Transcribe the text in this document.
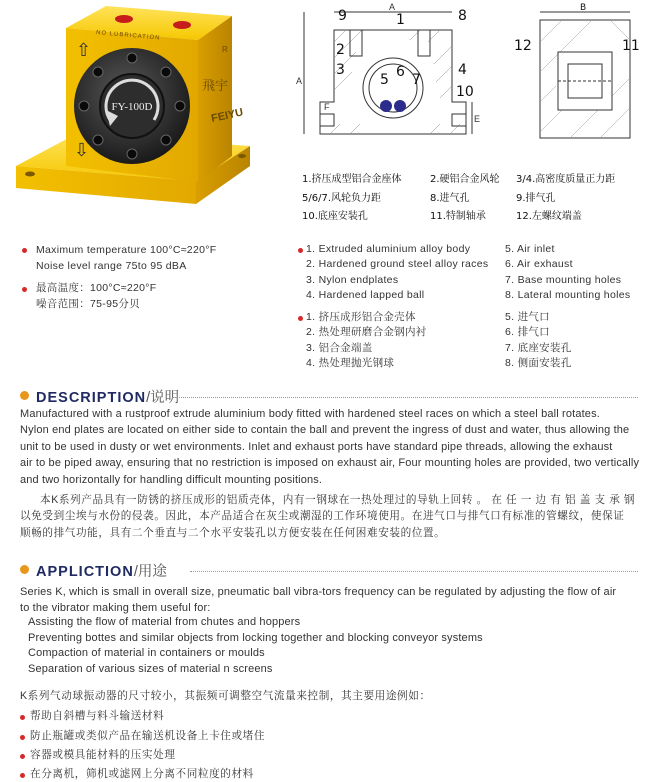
FY-100D
⇧
⇩
飛宇
FEIYU
R
NO LUBRICATION
9	1	8
2
6
3
5 7
4
10
A
A
F
E
B
12	11
1.挤压成型铝合金座体	2.硬铝合金风轮 3/4.高密度质量正力距
5/6/7.风轮负力距	8.进气孔	9.排气孔
10.底座安装孔	11.特制轴承	12.左螺纹端盖
Maximum temperature 100°C≈220°F
Noise level range 75to 95 dBA
最高温度：100°C≈220°F
噪音范围：75-95分贝
1. Extruded aluminium alloy body
2. Hardened ground steel alloy races
3. Nylon endplates
4. Hardened lapped ball
5. Air inlet
6. Air exhaust
7. Base mounting holes
8. Lateral mounting holes
1. 挤压成形铝合金壳体
2. 热处理研磨合金钢内衬
3. 铝合金端盖
4. 热处理抛光钢球
5. 进气口
6. 排气口
7. 底座安装孔
8. 侧面安装孔
DESCRIPTION/说明
Manufactured with a rustproof extrude aluminium body fitted with hardened steel races on which a steel ball rotates.
Nylon end plates are located on either side to contain the ball and prevent the ingress of dust and water, thus allowing the
unit to be used in dusty or wet environments. Inlet and exhaust ports have standard pipe threads, allowing the exhaust
air to be piped away, ensuring that no restriction is imposed on exhaust air, Four mounting holes are provided, two vertically
and two horizontally for handling difficult mounting positions.
本K系列产品具有一防锈的挤压成形的铝质壳体，内有一钢球在一热处理过的导轨上回转 。 在 任 一 边 有 铝 盖 支 承 钢
以免受到尘埃与水份的侵袭。因此，本产品适合在灰尘或潮湿的工作环境使用。在进气口与排气口有标准的管螺纹，使保证
顺畅的排气功能，具有二个垂直与二个水平安装孔以方便安装在任何困难安装的位置。
APPLICTION/用途
Series K, which is small in overall size, pneumatic ball vibra-tors frequency can be regulated by adjusting the flow of air
to the vibrator making them useful for:
Assisting the flow of material from chutes and hoppers
Preventing bottes and similar objects from locking together and blocking conveyor systems
Compaction of material in containers or moulds
Separation of various sizes of material n screens
K系列气动球振动器的尺寸较小，其振频可调整空气流量来控制，其主要用途例如：
帮助自斜槽与料斗输送材料
防止瓶罐或类似产品在输送机设备上卡住或堵住
容器或模具能材料的压实处理
在分离机，筛机或滤网上分离不同粒度的材料
